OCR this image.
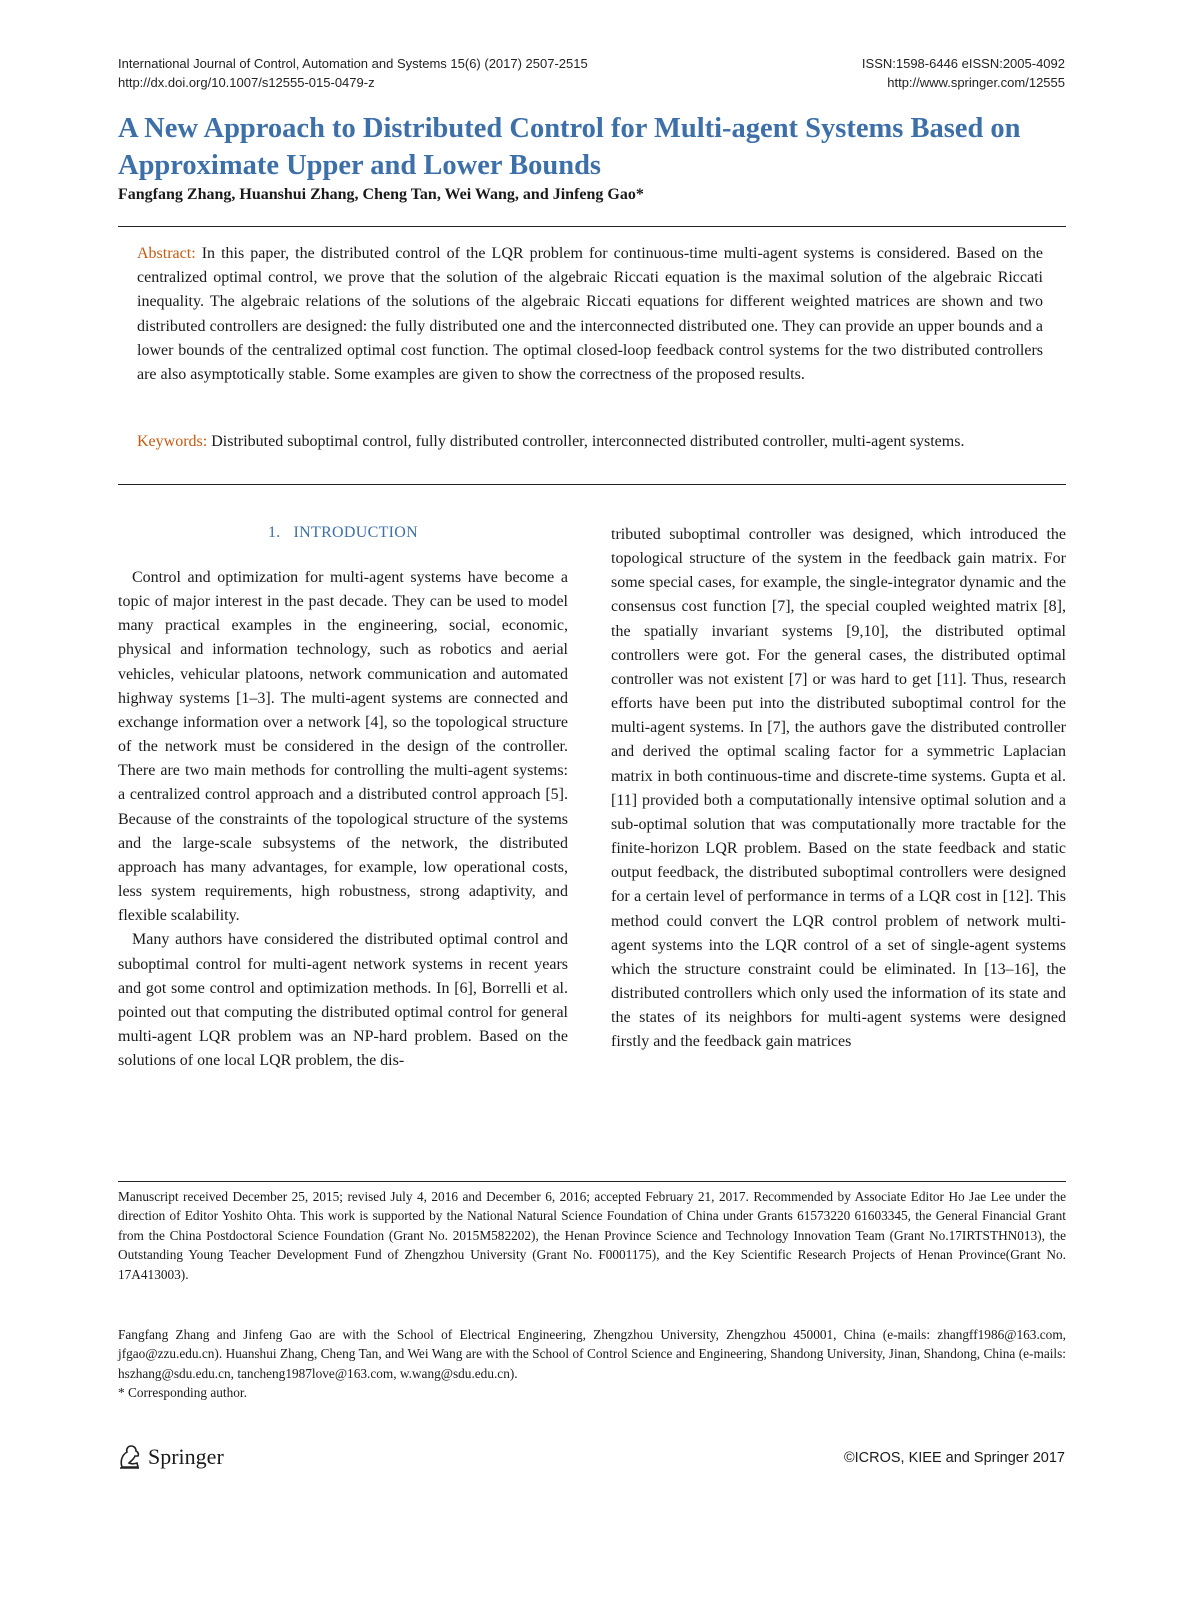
International Journal of Control, Automation and Systems 15(6) (2017) 2507-2515
http://dx.doi.org/10.1007/s12555-015-0479-z
ISSN:1598-6446 eISSN:2005-4092
http://www.springer.com/12555
A New Approach to Distributed Control for Multi-agent Systems Based on Approximate Upper and Lower Bounds
Fangfang Zhang, Huanshui Zhang, Cheng Tan, Wei Wang, and Jinfeng Gao*
Abstract: In this paper, the distributed control of the LQR problem for continuous-time multi-agent systems is considered. Based on the centralized optimal control, we prove that the solution of the algebraic Riccati equation is the maximal solution of the algebraic Riccati inequality. The algebraic relations of the solutions of the algebraic Riccati equations for different weighted matrices are shown and two distributed controllers are designed: the fully distributed one and the interconnected distributed one. They can provide an upper bounds and a lower bounds of the centralized optimal cost function. The optimal closed-loop feedback control systems for the two distributed controllers are also asymptotically stable. Some examples are given to show the correctness of the proposed results.
Keywords: Distributed suboptimal control, fully distributed controller, interconnected distributed controller, multi-agent systems.
1. INTRODUCTION

Control and optimization for multi-agent systems have become a topic of major interest in the past decade. They can be used to model many practical examples in the engineering, social, economic, physical and information technology, such as robotics and aerial vehicles, vehicular platoons, network communication and automated highway systems [1–3]. The multi-agent systems are connected and exchange information over a network [4], so the topological structure of the network must be considered in the design of the controller. There are two main methods for controlling the multi-agent systems: a centralized control approach and a distributed control approach [5]. Because of the constraints of the topological structure of the systems and the large-scale subsystems of the network, the distributed approach has many advantages, for example, low operational costs, less system requirements, high robustness, strong adaptivity, and flexible scalability.

Many authors have considered the distributed optimal control and suboptimal control for multi-agent network systems in recent years and got some control and optimization methods. In [6], Borrelli et al. pointed out that computing the distributed optimal control for general multi-agent LQR problem was an NP-hard problem. Based on the solutions of one local LQR problem, the dis-

tributed suboptimal controller was designed, which introduced the topological structure of the system in the feedback gain matrix. For some special cases, for example, the single-integrator dynamic and the consensus cost function [7], the special coupled weighted matrix [8], the spatially invariant systems [9,10], the distributed optimal controllers were got. For the general cases, the distributed optimal controller was not existent [7] or was hard to get [11]. Thus, research efforts have been put into the distributed suboptimal control for the multi-agent systems. In [7], the authors gave the distributed controller and derived the optimal scaling factor for a symmetric Laplacian matrix in both continuous-time and discrete-time systems. Gupta et al. [11] provided both a computationally intensive optimal solution and a sub-optimal solution that was computationally more tractable for the finite-horizon LQR problem. Based on the state feedback and static output feedback, the distributed suboptimal controllers were designed for a certain level of performance in terms of a LQR cost in [12]. This method could convert the LQR control problem of network multi-agent systems into the LQR control of a set of single-agent systems which the structure constraint could be eliminated. In [13–16], the distributed controllers which only used the information of its state and the states of its neighbors for multi-agent systems were designed firstly and the feedback gain matrices

Manuscript received December 25, 2015; revised July 4, 2016 and December 6, 2016; accepted February 21, 2017. Recommended by Associate Editor Ho Jae Lee under the direction of Editor Yoshito Ohta. This work is supported by the National Natural Science Foundation of China under Grants 61573220 61603345, the General Financial Grant from the China Postdoctoral Science Foundation (Grant No. 2015M582202), the Henan Province Science and Technology Innovation Team (Grant No.17IRTSTHN013), the Outstanding Young Teacher Development Fund of Zhengzhou University (Grant No. F0001175), and the Key Scientific Research Projects of Henan Province(Grant No. 17A413003).
Fangfang Zhang and Jinfeng Gao are with the School of Electrical Engineering, Zhengzhou University, Zhengzhou 450001, China (e-mails: zhangff1986@163.com, jfgao@zzu.edu.cn). Huanshui Zhang, Cheng Tan, and Wei Wang are with the School of Control Science and Engineering, Shandong University, Jinan, Shandong, China (e-mails: hszhang@sdu.edu.cn, tancheng1987love@163.com, w.wang@sdu.edu.cn).
* Corresponding author.
Springer	©ICROS, KIEE and Springer 2017
